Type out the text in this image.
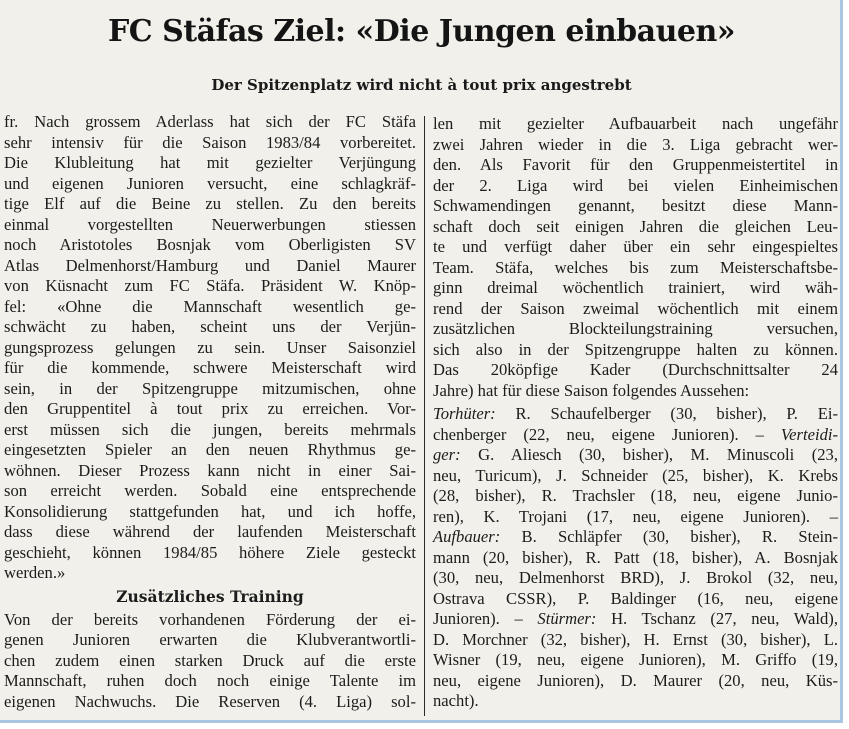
FC Stäfas Ziel: «Die Jungen einbauen»
Der Spitzenplatz wird nicht à tout prix angestrebt
fr. Nach grossem Aderlass hat sich der FC Stäfa
sehr intensiv für die Saison 1983/84 vorbereitet.
Die Klubleitung hat mit gezielter Verjüngung
und eigenen Junioren versucht, eine schlagkräf-
tige Elf auf die Beine zu stellen. Zu den bereits
einmal vorgestellten Neuerwerbungen stiessen
noch Aristotoles Bosnjak vom Oberligisten SV
Atlas Delmenhorst/Hamburg und Daniel Maurer
von Küsnacht zum FC Stäfa. Präsident W. Knöp-
fel: «Ohne die Mannschaft wesentlich ge-
schwächt zu haben, scheint uns der Verjün-
gungsprozess gelungen zu sein. Unser Saisonziel
für die kommende, schwere Meisterschaft wird
sein, in der Spitzengruppe mitzumischen, ohne
den Gruppentitel à tout prix zu erreichen. Vor-
erst müssen sich die jungen, bereits mehrmals
eingesetzten Spieler an den neuen Rhythmus ge-
wöhnen. Dieser Prozess kann nicht in einer Sai-
son erreicht werden. Sobald eine entsprechende
Konsolidierung stattgefunden hat, und ich hoffe,
dass diese während der laufenden Meisterschaft
geschieht, können 1984/85 höhere Ziele gesteckt
werden.»
Zusätzliches Training
Von der bereits vorhandenen Förderung der ei-
genen Junioren erwarten die Klubverantwortli-
chen zudem einen starken Druck auf die erste
Mannschaft, ruhen doch noch einige Talente im
eigenen Nachwuchs. Die Reserven (4. Liga) sol-
len mit gezielter Aufbauarbeit nach ungefähr
zwei Jahren wieder in die 3. Liga gebracht wer-
den. Als Favorit für den Gruppenmeistertitel in
der 2. Liga wird bei vielen Einheimischen
Schwamendingen genannt, besitzt diese Mann-
schaft doch seit einigen Jahren die gleichen Leu-
te und verfügt daher über ein sehr eingespieltes
Team. Stäfa, welches bis zum Meisterschaftsbe-
ginn dreimal wöchentlich trainiert, wird wäh-
rend der Saison zweimal wöchentlich mit einem
zusätzlichen Blockteilungstraining versuchen,
sich also in der Spitzengruppe halten zu können.
Das 20köpfige Kader (Durchschnittsalter 24
Jahre) hat für diese Saison folgendes Aussehen:
Torhüter: R. Schaufelberger (30, bisher), P. Ei-
chenberger (22, neu, eigene Junioren). – Verteidi-
ger: G. Aliesch (30, bisher), M. Minuscoli (23,
neu, Turicum), J. Schneider (25, bisher), K. Krebs
(28, bisher), R. Trachsler (18, neu, eigene Junio-
ren), K. Trojani (17, neu, eigene Junioren). –
Aufbauer: B. Schläpfer (30, bisher), R. Stein-
mann (20, bisher), R. Patt (18, bisher), A. Bosnjak
(30, neu, Delmenhorst BRD), J. Brokol (32, neu,
Ostrava CSSR), P. Baldinger (16, neu, eigene
Junioren). – Stürmer: H. Tschanz (27, neu, Wald),
D. Morchner (32, bisher), H. Ernst (30, bisher), L.
Wisner (19, neu, eigene Junioren), M. Griffo (19,
neu, eigene Junioren), D. Maurer (20, neu, Küs-
nacht).
